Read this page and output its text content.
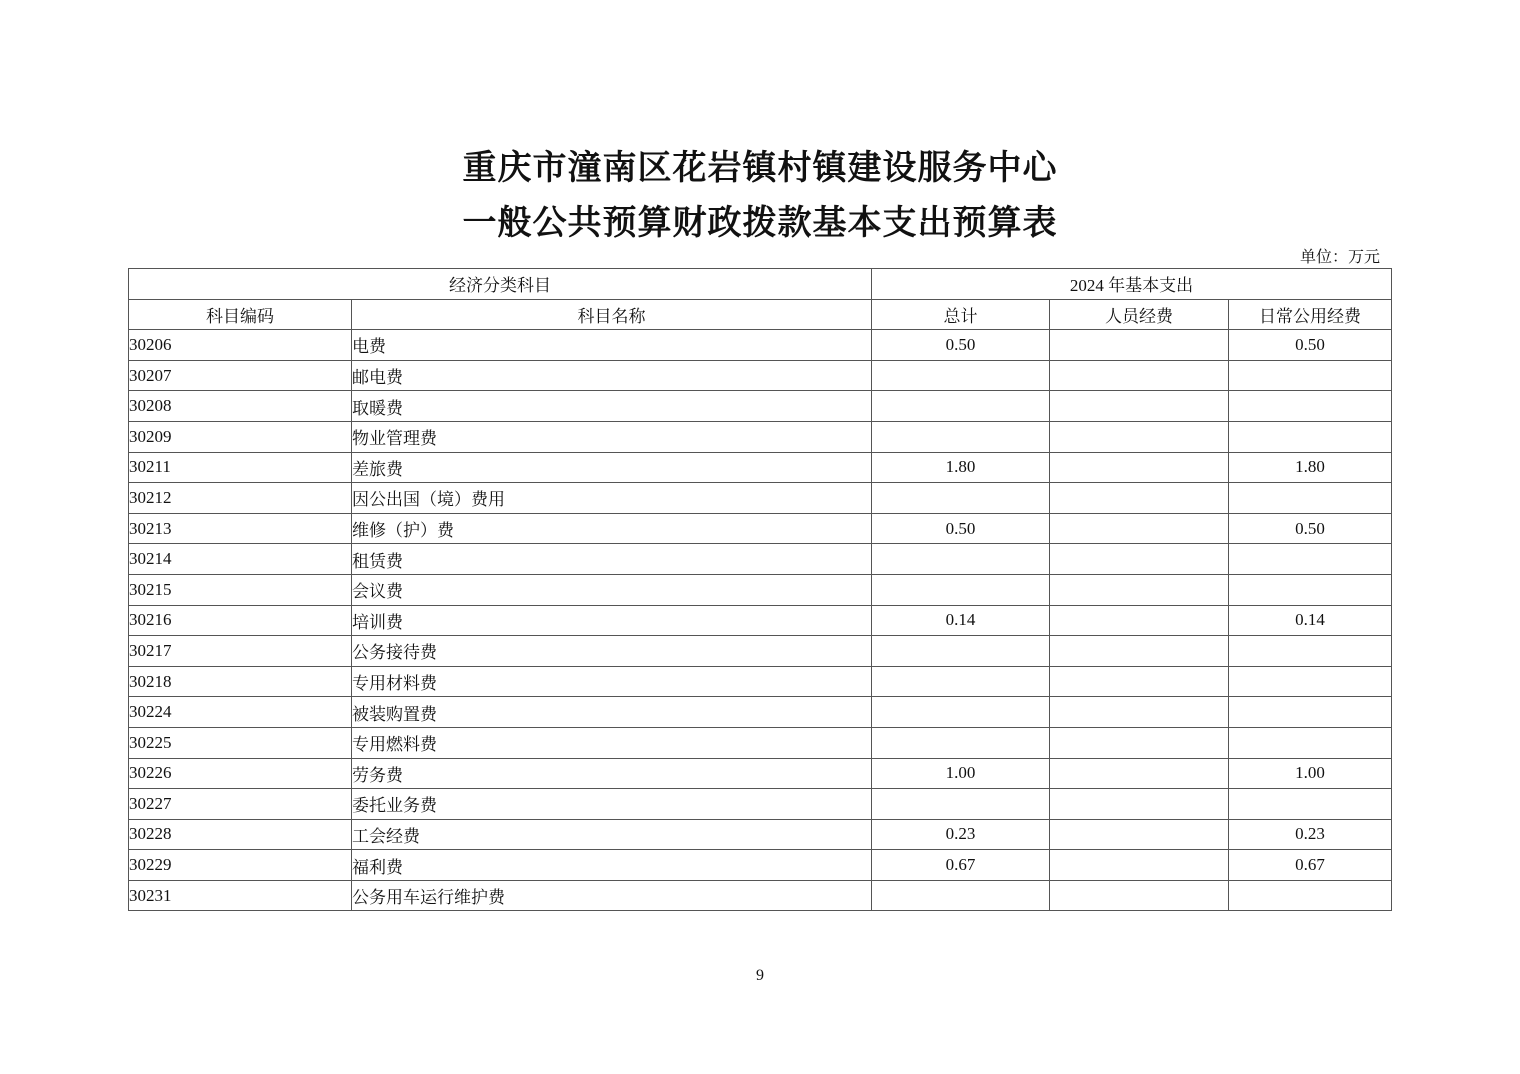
重庆市潼南区花岩镇村镇建设服务中心
一般公共预算财政拨款基本支出预算表
单位：万元
经济分类科目		2024 年基本支出		
科目编码	科目名称	总计	人员经费	日常公用经费
30206	电费	0.50		0.50
30207	邮电费			
30208	取暖费			
30209	物业管理费			
30211	差旅费	1.80		1.80
30212	因公出国（境）费用			
30213	维修（护）费	0.50		0.50
30214	租赁费			
30215	会议费			
30216	培训费	0.14		0.14
30217	公务接待费			
30218	专用材料费			
30224	被装购置费			
30225	专用燃料费			
30226	劳务费	1.00		1.00
30227	委托业务费			
30228	工会经费	0.23		0.23
30229	福利费	0.67		0.67
30231	公务用车运行维护费			
9
